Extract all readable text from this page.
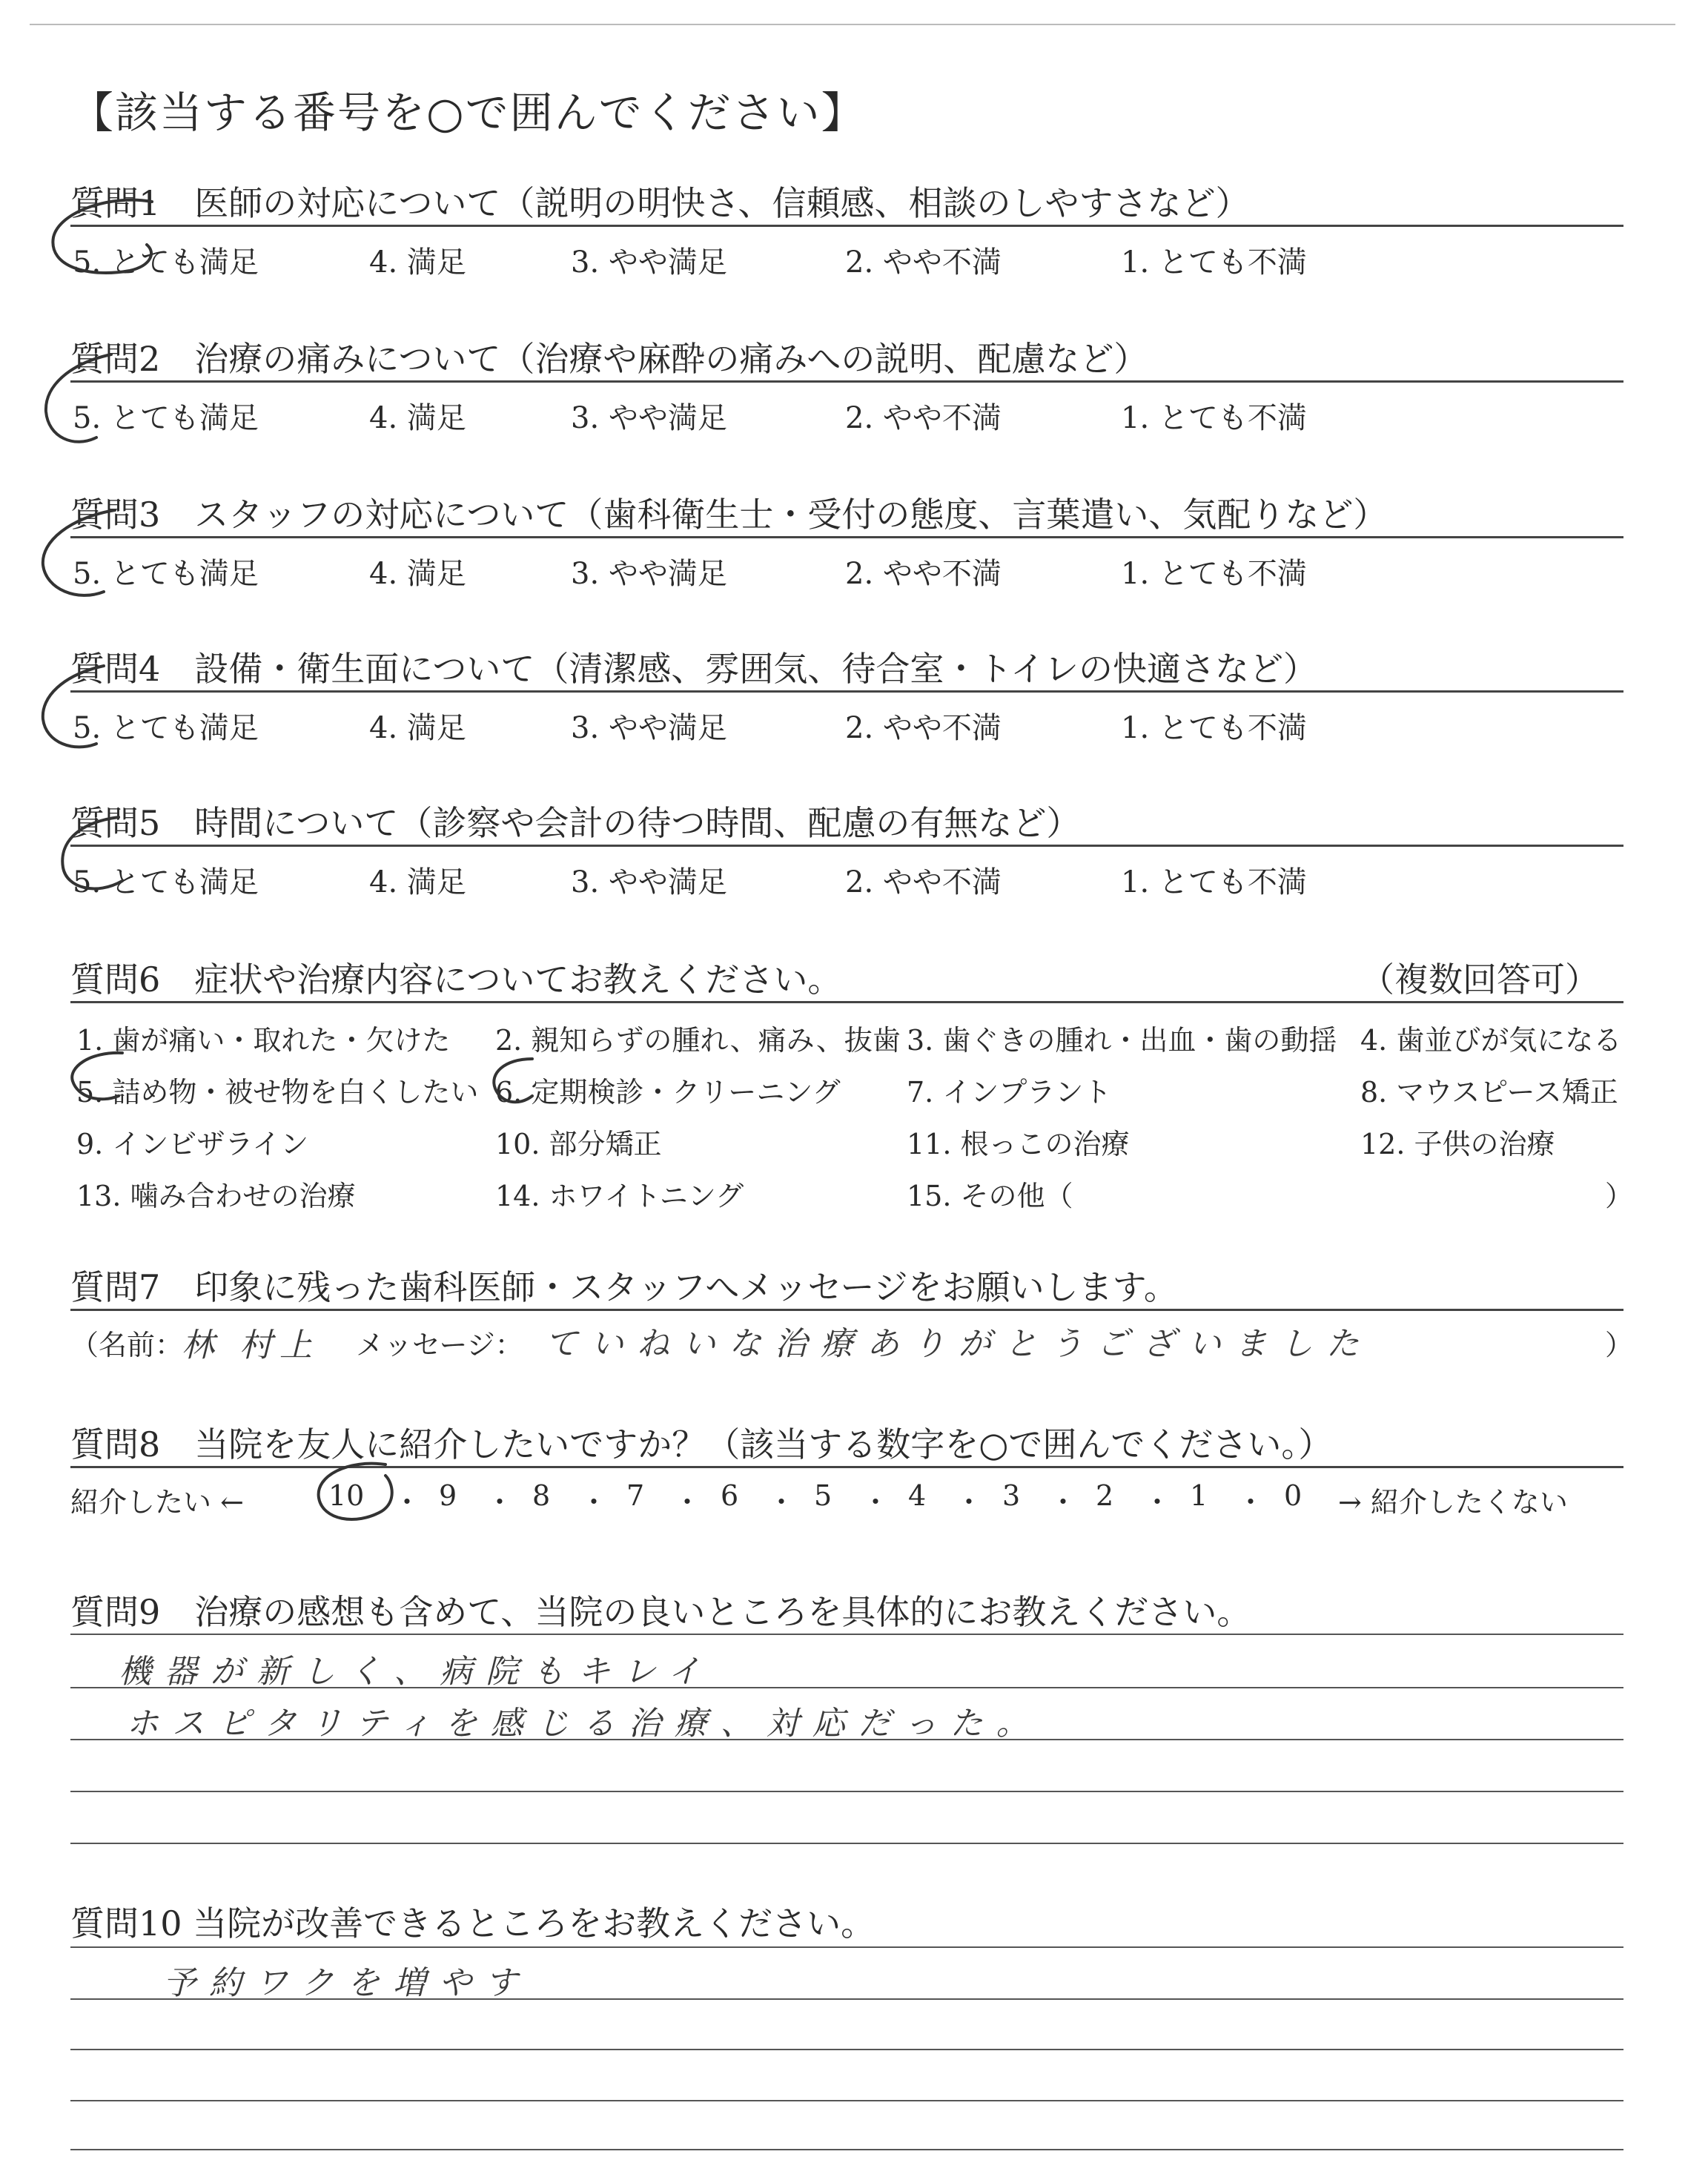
【該当する番号を○で囲んでください】
質問1　医師の対応について（説明の明快さ、信頼感、相談のしやすさなど）
5. とても満足	4. 満足	3. やや満足	2. やや不満	1. とても不満
質問2　治療の痛みについて（治療や麻酔の痛みへの説明、配慮など）
5. とても満足	4. 満足	3. やや満足	2. やや不満	1. とても不満
質問3　スタッフの対応について（歯科衛生士・受付の態度、言葉遣い、気配りなど）
5. とても満足	4. 満足	3. やや満足	2. やや不満	1. とても不満
質問4　設備・衛生面について（清潔感、雰囲気、待合室・トイレの快適さなど）
5. とても満足	4. 満足	3. やや満足	2. やや不満	1. とても不満
質問5　時間について（診察や会計の待つ時間、配慮の有無など）
5. とても満足	4. 満足	3. やや満足	2. やや不満	1. とても不満
質問6　症状や治療内容についてお教えください。	（複数回答可）
1. 歯が痛い・取れた・欠けた 2. 親知らずの腫れ、痛み、抜歯 3. 歯ぐきの腫れ・出血・歯の動揺 4. 歯並びが気になる
5. 詰め物・被せ物を白くしたい 6. 定期検診・クリーニング 7. インプラント	8. マウスピース矯正
9. インビザライン	10. 部分矯正	11. 根っこの治療	12. 子供の治療
13. 噛み合わせの治療	14. ホワイトニング	15. その他（	）
質問7　印象に残った歯科医師・スタッフへメッセージをお願いします。
（名前：
林 村上 メッセージ： ていねいな治療ありがとうございました	）
質問8　当院を友人に紹介したいですか？（該当する数字を○で囲んでください。）
紹介したい ←	10 ・ 9 ・ 8 ・ 7 ・ 6 ・ 5 ・ 4 ・ 3 ・ 2 ・ 1 ・ 0 → 紹介したくない
質問9　治療の感想も含めて、当院の良いところを具体的にお教えください。
機器が新しく、病院もキレイ
ホスピタリティを感じる治療、対応だった。
質問10 当院が改善できるところをお教えください。
予約ワクを増やす
